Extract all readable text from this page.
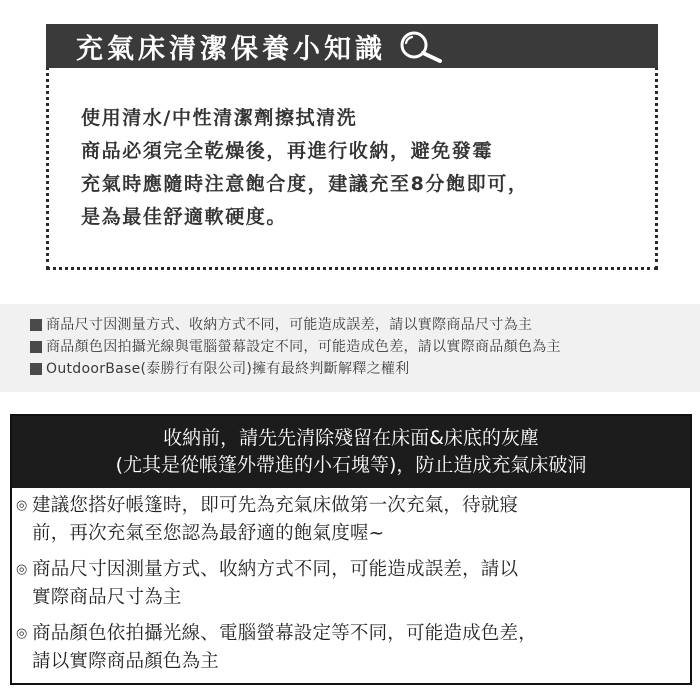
充氣床清潔保養小知識
使用清水/中性清潔劑擦拭清洗
商品必須完全乾燥後，再進行收納，避免發霉
充氣時應隨時注意飽合度，建議充至8分飽即可，
是為最佳舒適軟硬度。
商品尺寸因測量方式、收納方式不同，可能造成誤差，請以實際商品尺寸為主
商品顏色因拍攝光線與電腦螢幕設定不同，可能造成色差，請以實際商品顏色為主
OutdoorBase(泰勝行有限公司)擁有最終判斷解釋之權利
收納前，請先先清除殘留在床面&床底的灰塵
(尤其是從帳篷外帶進的小石塊等)，防止造成充氣床破洞
◎ 建議您搭好帳篷時，即可先為充氣床做第一次充氣，待就寢
前，再次充氣至您認為最舒適的飽氣度喔~
◎ 商品尺寸因測量方式、收納方式不同，可能造成誤差，請以
實際商品尺寸為主
◎ 商品顏色依拍攝光線、電腦螢幕設定等不同，可能造成色差，
請以實際商品顏色為主
